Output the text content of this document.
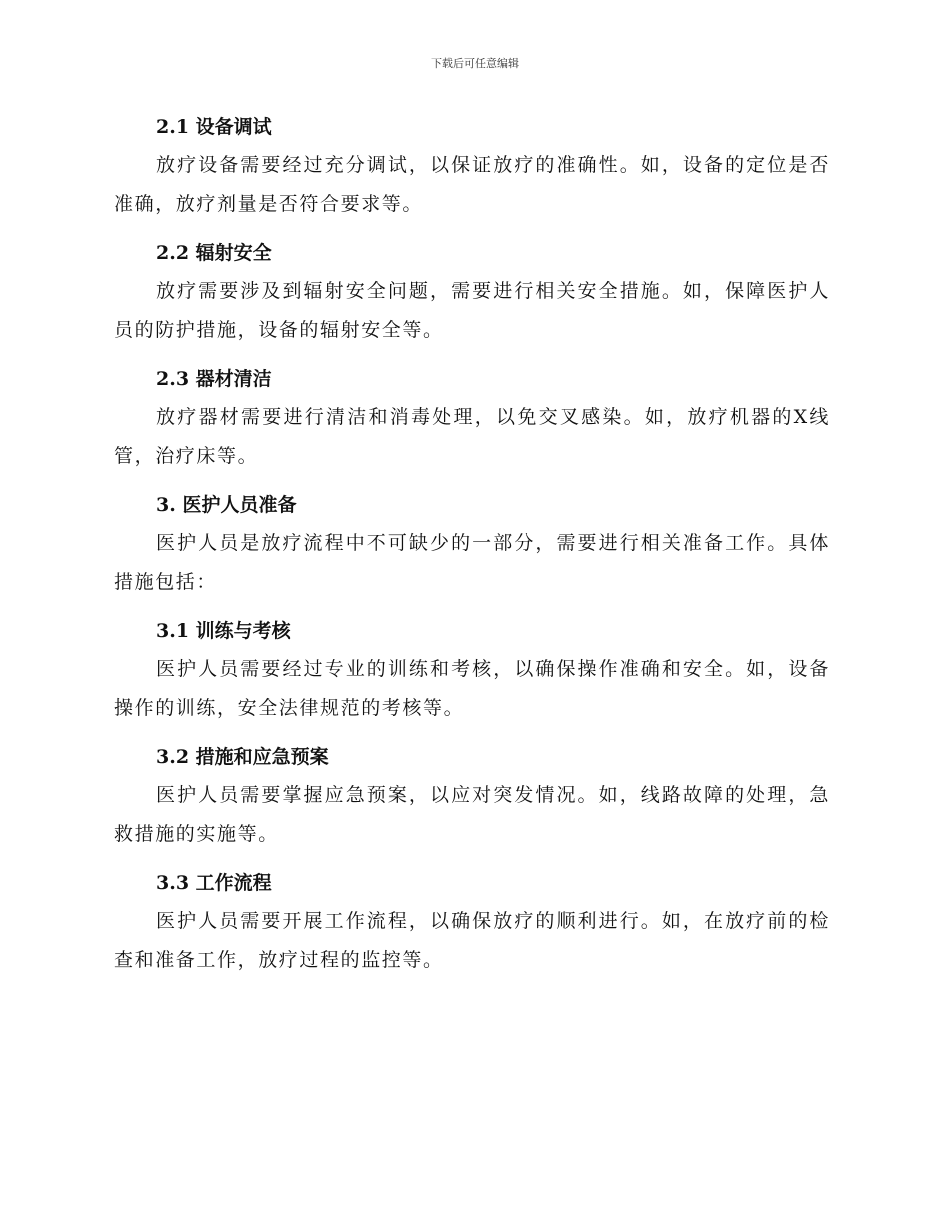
下载后可任意编辑
2.1 设备调试

放疗设备需要经过充分调试，以保证放疗的准确性。如，设备的定位是否准确，放疗剂量是否符合要求等。

2.2 辐射安全

放疗需要涉及到辐射安全问题，需要进行相关安全措施。如，保障医护人员的防护措施，设备的辐射安全等。

2.3 器材清洁

放疗器材需要进行清洁和消毒处理，以免交叉感染。如，放疗机器的X线管，治疗床等。

3. 医护人员准备

医护人员是放疗流程中不可缺少的一部分，需要进行相关准备工作。具体措施包括：

3.1 训练与考核

医护人员需要经过专业的训练和考核，以确保操作准确和安全。如，设备操作的训练，安全法律规范的考核等。

3.2 措施和应急预案

医护人员需要掌握应急预案，以应对突发情况。如，线路故障的处理，急救措施的实施等。

3.3 工作流程

医护人员需要开展工作流程，以确保放疗的顺利进行。如，在放疗前的检查和准备工作，放疗过程的监控等。
